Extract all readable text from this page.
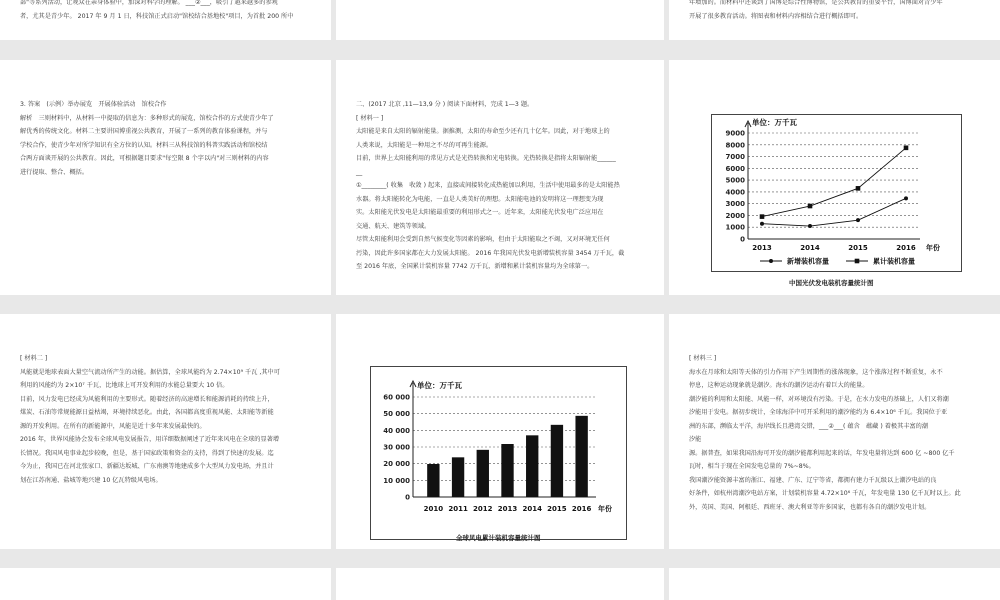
部"等系列活动，让观众在亲身体验中，加深对科学的理解。 ___②___，吸引了越来越多的参观

者，尤其是青少年。 2017 年 9 月 1 日，科技馆正式启动"馆校结合基地校"项目，为首批 200 所中

年增加的。而材料中还谈到了国博是综合性博物馆，是公共教育的重要平台，国博面对青少年

开展了很多教育活动。将图表和材料内容相结合进行概括即可。

3. 答案　(示例）举办展览　开展体验活动　馆校合作

解析　三则材料中，从材料一中提取的信息为：多种形式的展览，馆校合作的方式使青少年了

解优秀的传统文化。材料二主要讲国博重视公共教育，开展了一系列的教育体验课程，并与

学校合作，使青少年对所学知识有全方位的认知。材料三从科技馆的科普实践活动和馆校结

合两方面谈开展的公共教育。因此，可根据题目要求"每空限 8 个字以内"对三则材料的内容

进行提取、整合、概括。

二、(2017 北京 ,11—13,9 分 ) 阅读下面材料，完成 1—3 题。

[ 材料一 ]

太阳能是来自太阳的辐射能量。据推测，太阳的寿命至少还有几十亿年。因此，对于地球上的

人类来说，太阳能是一种用之不尽的可再生能源。

目前，世界上太阳能利用的常见方式是光热转换和光电转换。光热转换是指将太阳辐射能______

__

①________( 收集　收敛 ) 起来，直接或间接转化成热能加以利用，生活中使用最多的是太阳能热

水器。将太阳能转化为电能，一直是人类美好的理想。太阳能电池的发明将这一理想变为现

实。太阳能光伏发电是太阳能最重要的利用形式之一。近年来，太阳能光伏发电广泛应用在

交通、航天、建筑等领域。

尽管太阳能利用会受到自然气候变化等因素的影响，但由于太阳能取之不竭，又对环境无任何

污染，因此许多国家都在大力发展太阳能。 2016 年我国光伏发电新增装机容量 3454 万千瓦，截

至 2016 年底，全国累计装机容量 7742 万千瓦，新增和累计装机容量均为全球第一。

0
1000
2000
3000
4000
5000
6000
7000
8000
9000
单位：万千瓦
2013	2014	2015	2016 年份
新增装机容量	累计装机容量
中国光伏发电装机容量统计图

[ 材料二 ]

风能就是地球表面大量空气流动所产生的动能。据估算，全球风能约为 2.74×10⁹ 千瓦 ,其中可

利用的风能约为 2×10⁷ 千瓦，比地球上可开发利用的水能总量要大 10 倍。

目前，风力发电已经成为风能利用的主要形式。随着经济的高速增长和能源消耗的持续上升，

煤炭、石油等常规能源日益枯竭，环境持续恶化。由此，各国都高度重视风能、太阳能等新能

源的开发利用。在所有的新能源中，风能是近十多年来发展最快的。

2016 年，世界风能协会发布全球风电发展报告，用详细数据阐述了近年来风电在全球的显著增

长情况。我国风电事业起步较晚，但是，基于国家政策和资金的支持，得到了快速的发展。迄

今为止，我国已在河北张家口、新疆达坂城、广东南澳等地建成多个大型风力发电场，并且计

划在江苏南通、盐城等地兴建 10 亿瓦特级风电场。

0
10 000
20 000
30 000
40 000
50 000
60 000
单位：万千瓦
2010 2011 2012 2013 2014 2015 2016 年份
全球风电累计装机容量统计图

[ 材料三 ]

海水在月球和太阳等天体的引力作用下产生周期性的涨落现象，这个涨落过程不断重复，永不

停息，这种运动现象就是潮汐。海水的潮汐运动有着巨大的能量。

潮汐能的利用和太阳能、风能一样，对环境没有污染。于是，在水力发电的基础上，人们又将潮

汐能用于发电。据初步统计，全球海洋中可开采利用的潮汐能约为 6.4×10⁶ 千瓦。我国位于亚

洲的东部，濒临太平洋，海岸线长且港湾交错，___②___( 蕴含　蕴藏 ) 着极其丰富的潮

汐能

源。据普查，如果我国沿海可开发的潮汐能都利用起来的话，年发电量将达到 600 亿 ~800 亿千

瓦时，相当于现在全国发电总量的 7%~8%。

我国潮汐能资源丰富的浙江、福建、广东、辽宁等省，都拥有建力千瓦级以上潮汐电站的良

好条件，如杭州湾潮汐电站方案，计划装机容量 4.72×10⁶ 千瓦，年发电量 130 亿千瓦时以上。此

外，英国、美国、阿根廷、西班牙、澳大利亚等许多国家，也都有各自的潮汐发电计划。
